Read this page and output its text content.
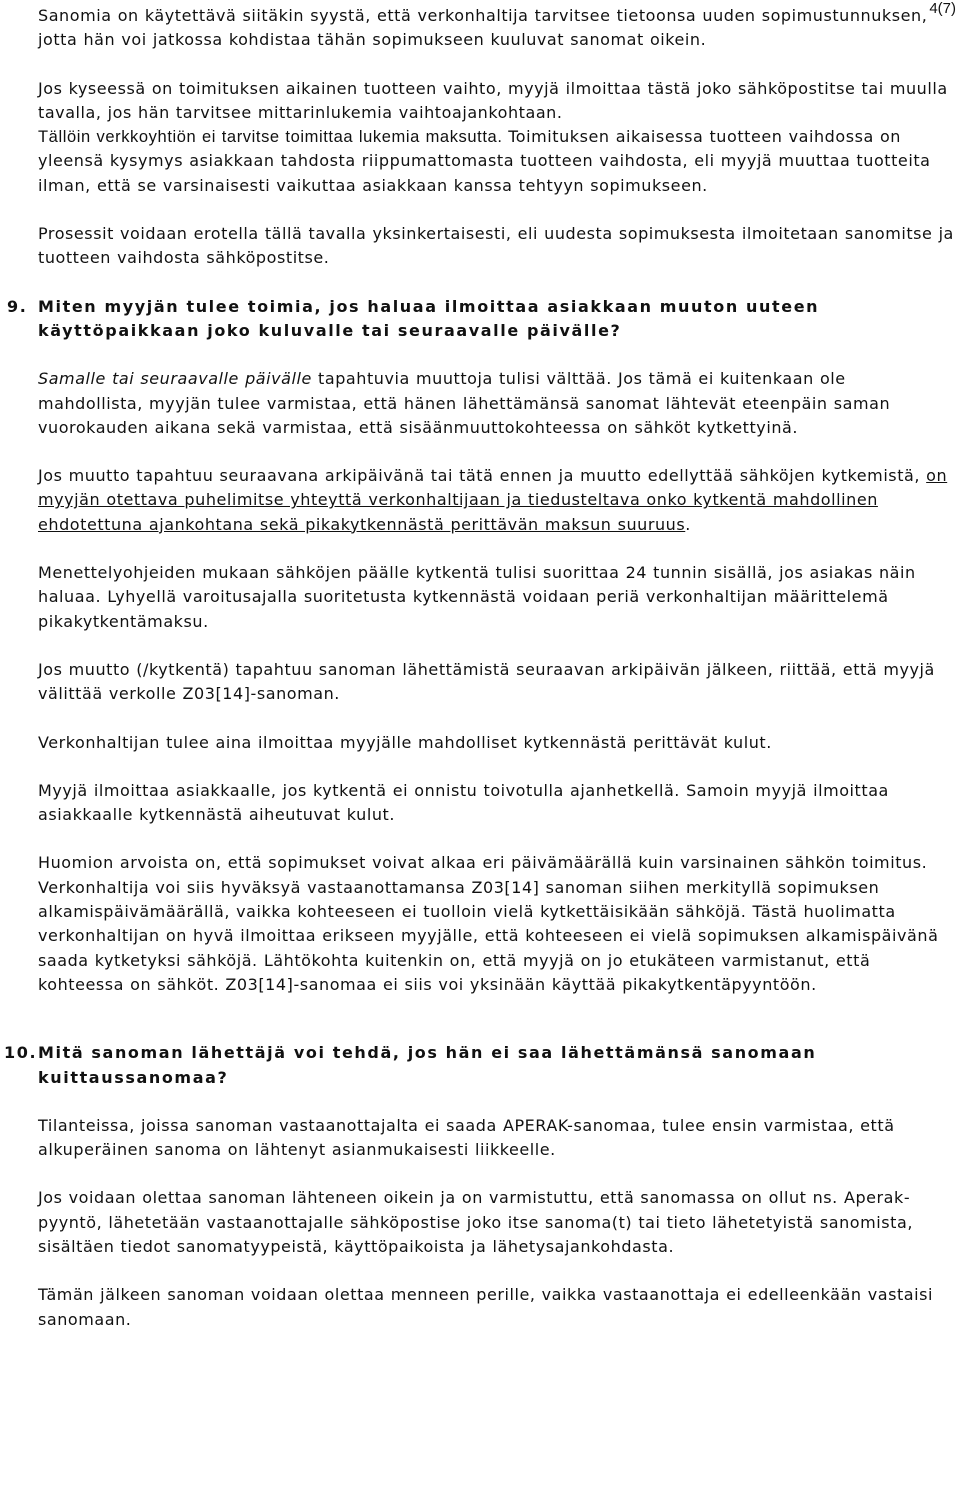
4(7)

Sanomia on käytettävä siitäkin syystä, että verkonhaltija tarvitsee tietoonsa uuden sopimustunnuksen, jotta hän voi jatkossa kohdistaa tähän sopimukseen kuuluvat sanomat oikein.

Jos kyseessä on toimituksen aikainen tuotteen vaihto, myyjä ilmoittaa tästä joko sähköpostitse tai muulla tavalla, jos hän tarvitsee mittarinlukemia vaihtoajankohtaan.
Tällöin verkkoyhtiön ei tarvitse toimittaa lukemia maksutta. Toimituksen aikaisessa tuotteen vaihdossa on yleensä kysymys asiakkaan tahdosta riippumattomasta tuotteen vaihdosta, eli myyjä muuttaa tuotteita ilman, että se varsinaisesti vaikuttaa asiakkaan kanssa tehtyyn sopimukseen.

Prosessit voidaan erotella tällä tavalla yksinkertaisesti, eli uudesta sopimuksesta ilmoitetaan sanomitse ja tuotteen vaihdosta sähköpostitse.

9. Miten myyjän tulee toimia, jos haluaa ilmoittaa asiakkaan muuton uuteen käyttöpaikkaan joko kuluvalle tai seuraavalle päivälle?

Samalle tai seuraavalle päivälle tapahtuvia muuttoja tulisi välttää. Jos tämä ei kuitenkaan ole mahdollista, myyjän tulee varmistaa, että hänen lähettämänsä sanomat lähtevät eteenpäin saman vuorokauden aikana sekä varmistaa, että sisäänmuuttokohteessa on sähköt kytkettyinä.

Jos muutto tapahtuu seuraavana arkipäivänä tai tätä ennen ja muutto edellyttää sähköjen kytkemistä, on myyjän otettava puhelimitse yhteyttä verkonhaltijaan ja tiedusteltava onko kytkentä mahdollinen ehdotettuna ajankohtana sekä pikakytkennästä perittävän maksun suuruus.

Menettelyohjeiden mukaan sähköjen päälle kytkentä tulisi suorittaa 24 tunnin sisällä, jos asiakas näin haluaa. Lyhyellä varoitusajalla suoritetusta kytkennästä voidaan periä verkonhaltijan määrittelemä pikakytkentämaksu.

Jos muutto (/kytkentä) tapahtuu sanoman lähettämistä seuraavan arkipäivän jälkeen, riittää, että myyjä välittää verkolle Z03[14]-sanoman.

Verkonhaltijan tulee aina ilmoittaa myyjälle mahdolliset kytkennästä perittävät kulut.

Myyjä ilmoittaa asiakkaalle, jos kytkentä ei onnistu toivotulla ajanhetkellä. Samoin myyjä ilmoittaa asiakkaalle kytkennästä aiheutuvat kulut.

Huomion arvoista on, että sopimukset voivat alkaa eri päivämäärällä kuin varsinainen sähkön toimitus. Verkonhaltija voi siis hyväksyä vastaanottamansa Z03[14] sanoman siihen merkityllä sopimuksen alkamispäivämäärällä, vaikka kohteeseen ei tuolloin vielä kytkettäisikään sähköjä. Tästä huolimatta verkonhaltijan on hyvä ilmoittaa erikseen myyjälle, että kohteeseen ei vielä sopimuksen alkamispäivänä saada kytketyksi sähköjä. Lähtökohta kuitenkin on, että myyjä on jo etukäteen varmistanut, että kohteessa on sähköt. Z03[14]-sanomaa ei siis voi yksinään käyttää pikakytkentäpyyntöön.

10. Mitä sanoman lähettäjä voi tehdä, jos hän ei saa lähettämänsä sanomaan kuittaussanomaa?

Tilanteissa, joissa sanoman vastaanottajalta ei saada APERAK-sanomaa, tulee ensin varmistaa, että alkuperäinen sanoma on lähtenyt asianmukaisesti liikkeelle.

Jos voidaan olettaa sanoman lähteneen oikein ja on varmistuttu, että sanomassa on ollut ns. Aperak-pyyntö, lähetetään vastaanottajalle sähköpostise joko itse sanoma(t) tai tieto lähetetyistä sanomista, sisältäen tiedot sanomatyypeistä, käyttöpaikoista ja lähetysajankohdasta.

Tämän jälkeen sanoman voidaan olettaa menneen perille, vaikka vastaanottaja ei edelleenkään vastaisi sanomaan.
